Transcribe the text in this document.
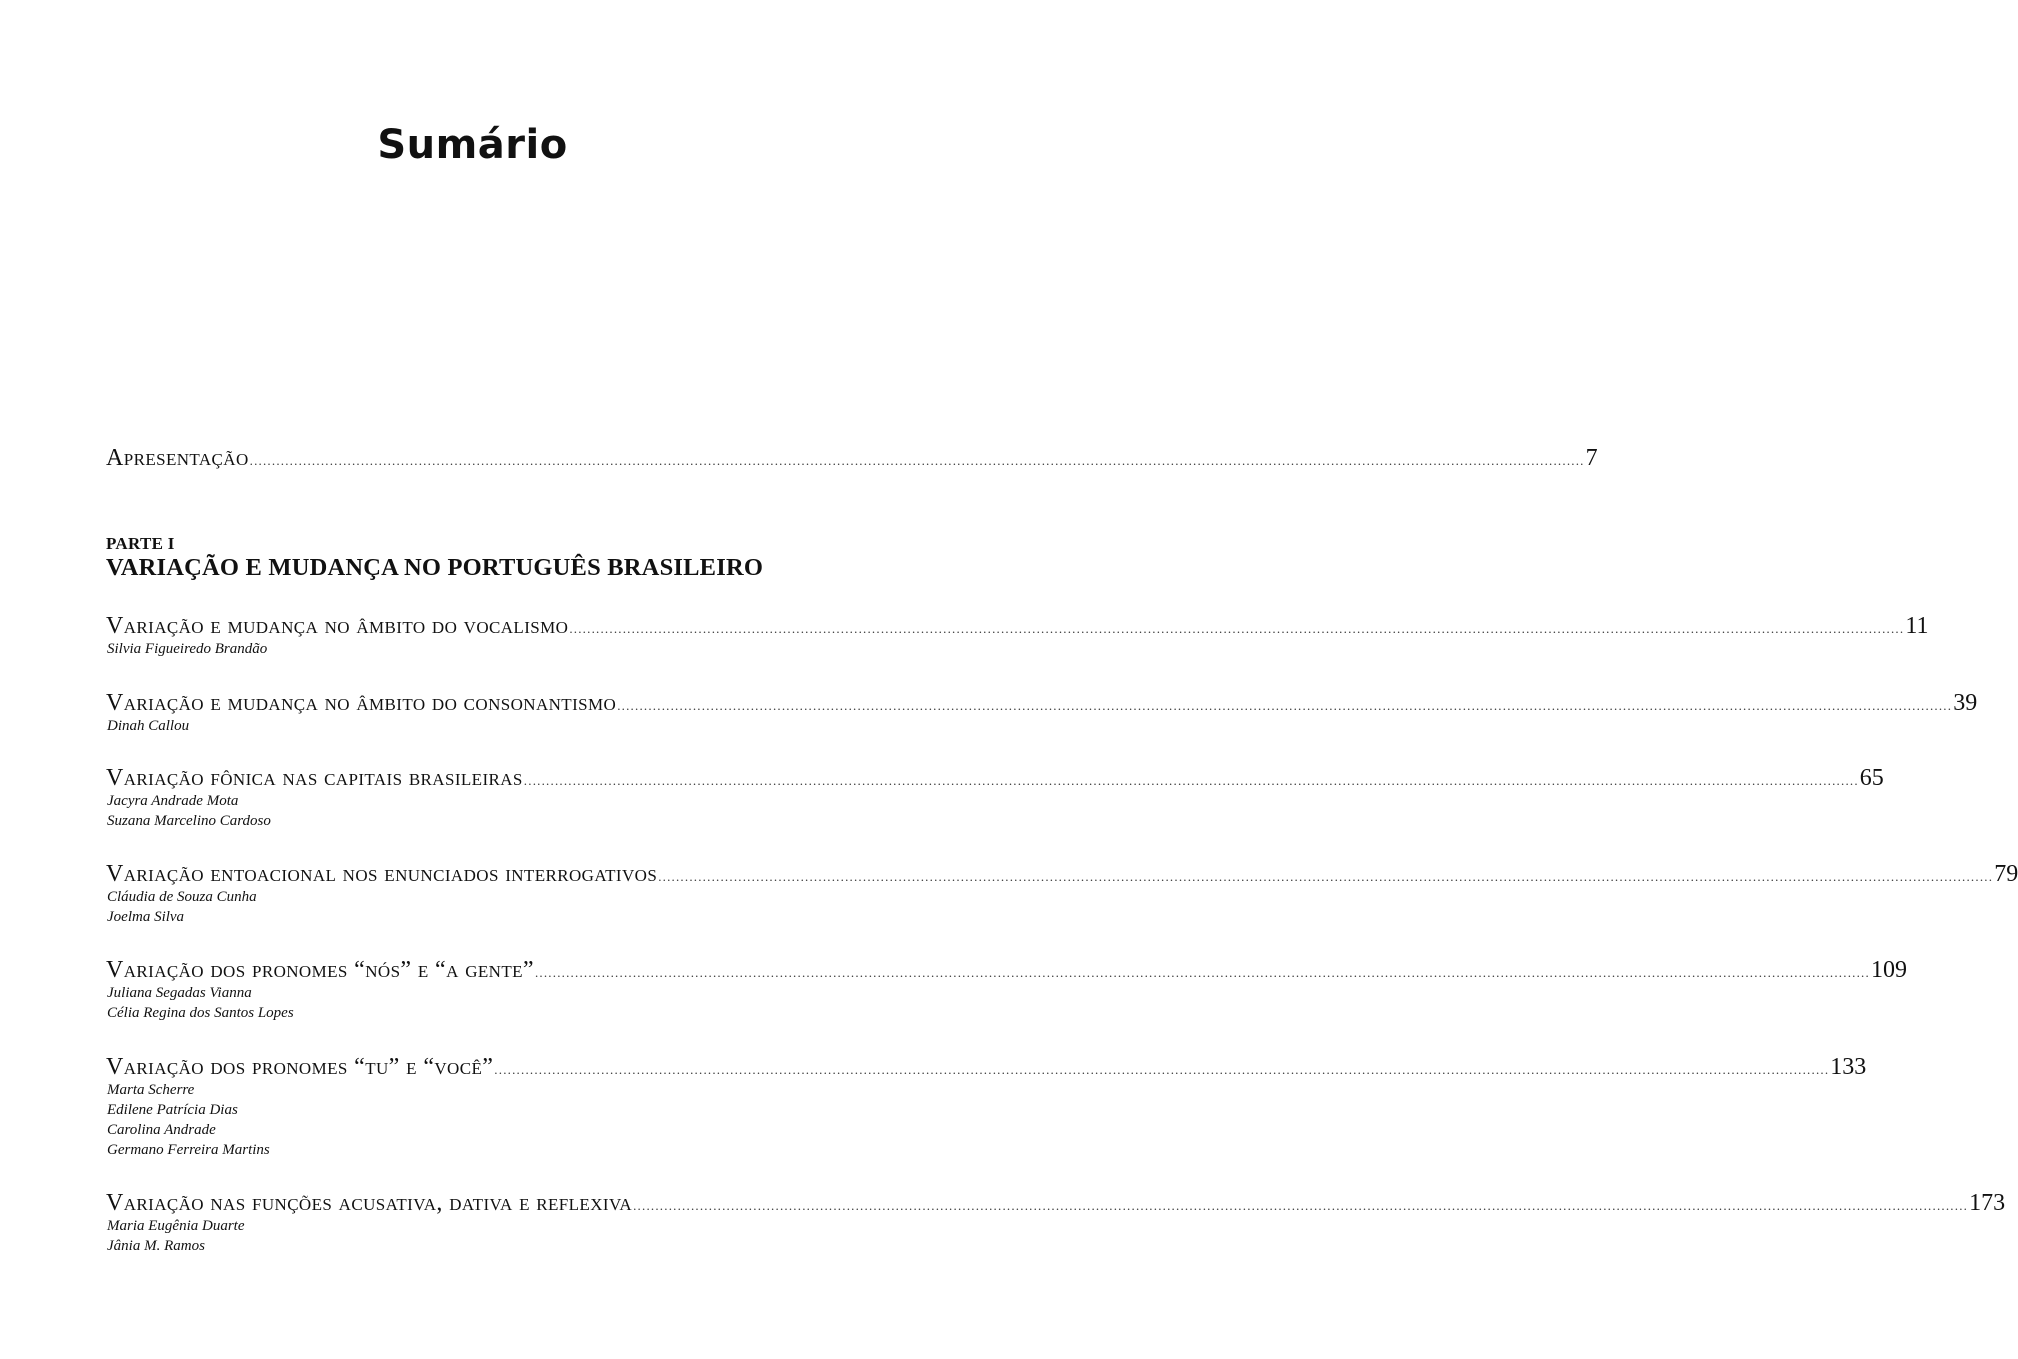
Sumário
Apresentação ............................................................................................................................................................................................................................................................................................................ 7
PARTE I
VARIAÇÃO E MUDANÇA NO PORTUGUÊS BRASILEIRO
Variação e mudança no âmbito do vocalismo ............................................................................................................................................................................................................................................................................................................ 11
Silvia Figueiredo Brandão
Variação e mudança no âmbito do consonantismo ............................................................................................................................................................................................................................................................................................................ 39
Dinah Callou
Variação fônica nas capitais brasileiras ............................................................................................................................................................................................................................................................................................................ 65
Jacyra Andrade Mota
Suzana Marcelino Cardoso
Variação entoacional nos enunciados interrogativos ............................................................................................................................................................................................................................................................................................................ 79
Cláudia de Souza Cunha
Joelma Silva
Variação dos pronomes “nós” e “a gente” ............................................................................................................................................................................................................................................................................................................ 109
Juliana Segadas Vianna
Célia Regina dos Santos Lopes
Variação dos pronomes “tu” e “você” ............................................................................................................................................................................................................................................................................................................ 133
Marta Scherre
Edilene Patrícia Dias
Carolina Andrade
Germano Ferreira Martins
Variação nas funções acusativa, dativa e reflexiva ............................................................................................................................................................................................................................................................................................................ 173
Maria Eugênia Duarte
Jânia M. Ramos
